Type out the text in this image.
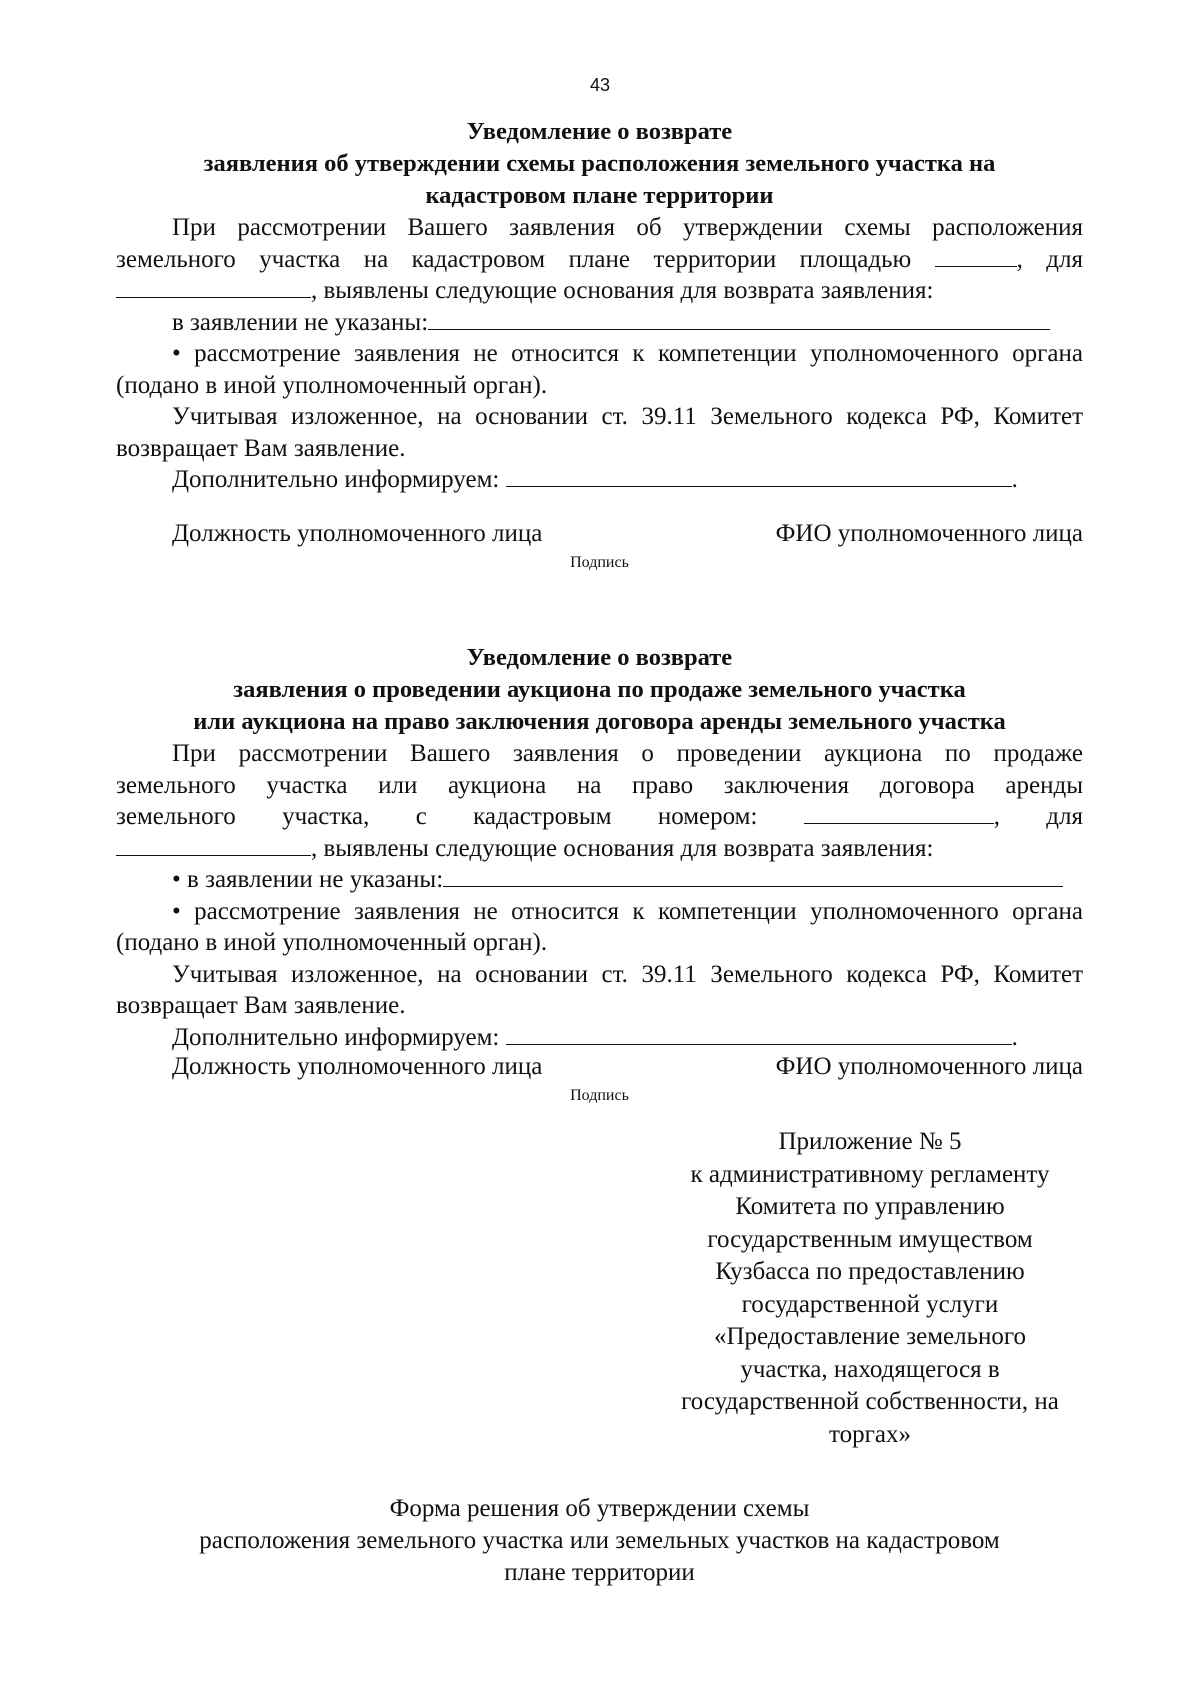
43
Уведомление о возврате
заявления об утверждении схемы расположения земельного участка на
кадастровом плане территории
При рассмотрении Вашего заявления об утверждении схемы расположения земельного участка на кадастровом плане территории площадью	, для , выявлены следующие основания для возврата заявления:
в заявлении не указаны:
• рассмотрение заявления не относится к компетенции уполномоченного органа (подано в иной уполномоченный орган).
Учитывая изложенное, на основании ст. 39.11 Земельного кодекса РФ, Комитет возвращает Вам заявление.
Дополнительно информируем:	.
Должность уполномоченного лица	ФИО уполномоченного лица
Подпись
Уведомление о возврате
заявления о проведении аукциона по продаже земельного участка
или аукциона на право заключения договора аренды земельного участка
При рассмотрении Вашего заявления о проведении аукциона по продаже
земельного участка или аукциона на право заключения договора аренды
земельного участка, с кадастровым номером:	, для
, выявлены следующие основания для возврата заявления:
• в заявлении не указаны:
• рассмотрение заявления не относится к компетенции уполномоченного органа (подано в иной уполномоченный орган).
Учитывая изложенное, на основании ст. 39.11 Земельного кодекса РФ, Комитет возвращает Вам заявление.
Дополнительно информируем:	.
Должность уполномоченного лица	ФИО уполномоченного лица
Подпись
Приложение № 5
к административному регламенту
Комитета по управлению
государственным имуществом
Кузбасса по предоставлению
государственной услуги
«Предоставление земельного
участка, находящегося в
государственной собственности, на
торгах»
Форма решения об утверждении схемы
расположения земельного участка или земельных участков на кадастровом
плане территории
